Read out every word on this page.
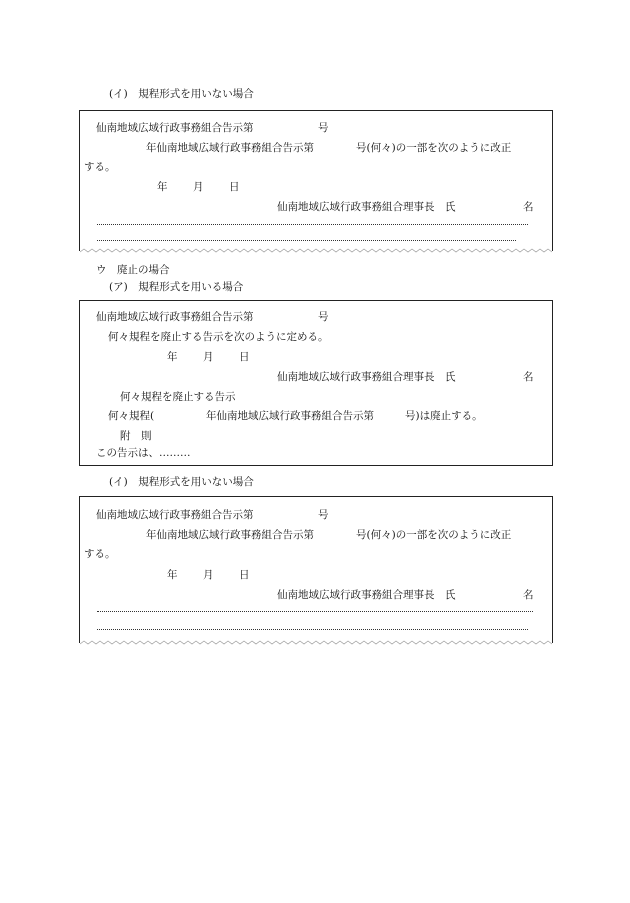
(イ)　規程形式を用いない場合
仙南地域広域行政事務組合告示第	号
年仙南地域広域行政事務組合告示第	号(何々)の一部を次のように改正
する。
年 月 日
仙南地域広域行政事務組合理事長　氏	名
ウ　廃止の場合
(ア)　規程形式を用いる場合
仙南地域広域行政事務組合告示第	号
何々規程を廃止する告示を次のように定める。
年 月 日
仙南地域広域行政事務組合理事長　氏	名
何々規程を廃止する告示
何々規程(	年仙南地域広域行政事務組合告示第	号)は廃止する。
附　則
この告示は、………
(イ)　規程形式を用いない場合
仙南地域広域行政事務組合告示第	号
年仙南地域広域行政事務組合告示第	号(何々)の一部を次のように改正
する。
年 月 日
仙南地域広域行政事務組合理事長　氏	名
